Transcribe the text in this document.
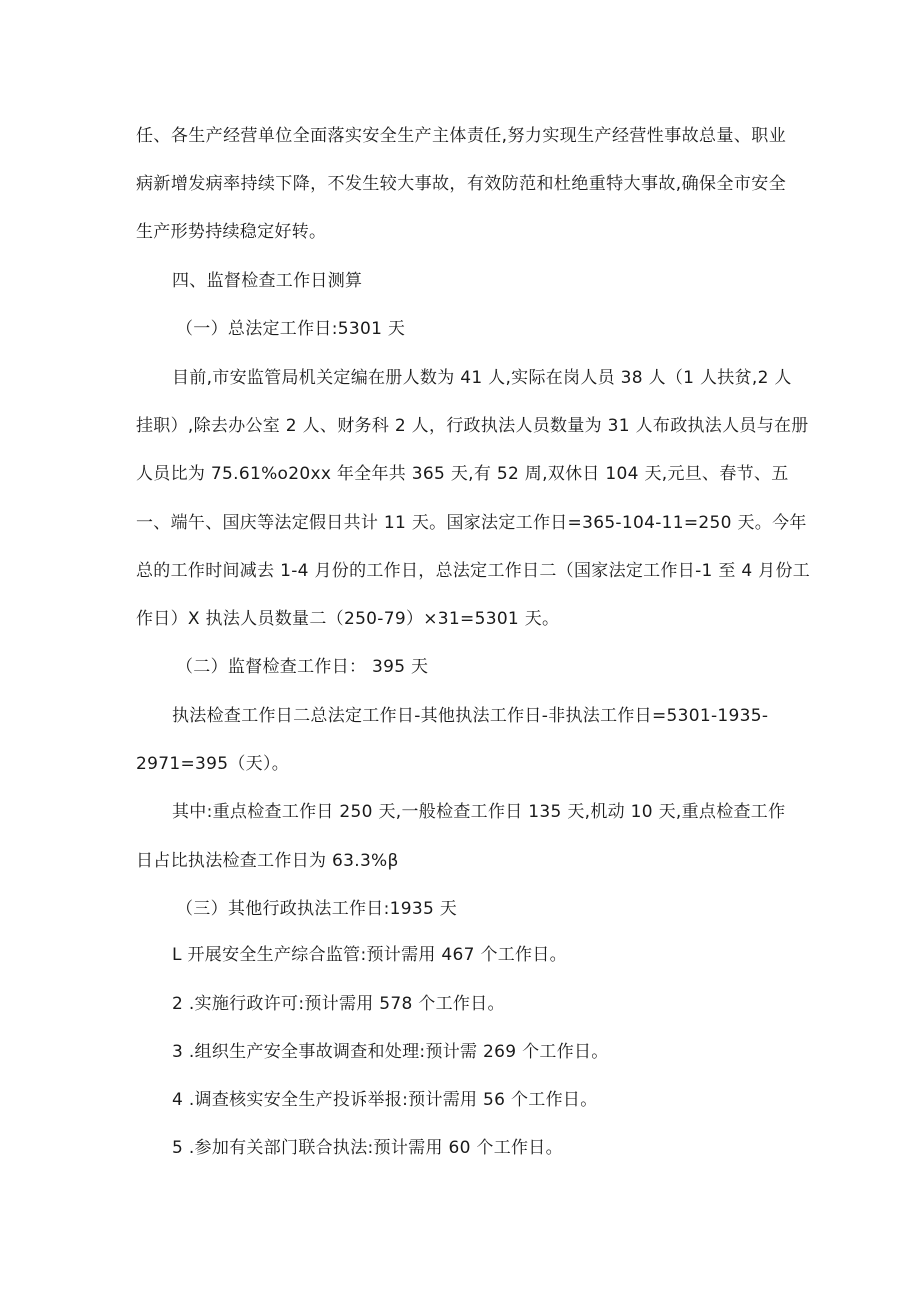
任、各生产经营单位全面落实安全生产主体责任,努力实现生产经营性事故总量、职业
病新增发病率持续下降，不发生较大事故，有效防范和杜绝重特大事故,确保全市安全
生产形势持续稳定好转。
四、监督检查工作日测算
（一）总法定工作日:5301 天
目前,市安监管局机关定编在册人数为 41 人,实际在岗人员 38 人（1 人扶贫,2 人
挂职）,除去办公室 2 人、财务科 2 人，行政执法人员数量为 31 人布政执法人员与在册
人员比为 75.61%o20xx 年全年共 365 天,有 52 周,双休日 104 天,元旦、春节、五
一、端午、国庆等法定假日共计 11 天。国家法定工作日=365-104-11=250 天。今年
总的工作时间减去 1-4 月份的工作日，总法定工作日二（国家法定工作日-1 至 4 月份工
作日）X 执法人员数量二（250-79）×31=5301 天。
（二）监督检查工作日： 395 天
执法检查工作日二总法定工作日-其他执法工作日-非执法工作日=5301-1935-
2971=395（天）。
其中:重点检查工作日 250 天,一般检查工作日 135 天,机动 10 天,重点检查工作
日占比执法检查工作日为 63.3%β
（三）其他行政执法工作日:1935 天
L 开展安全生产综合监管:预计需用 467 个工作日。
2 .实施行政许可:预计需用 578 个工作日。
3 .组织生产安全事故调查和处理:预计需 269 个工作日。
4 .调查核实安全生产投诉举报:预计需用 56 个工作日。
5 .参加有关部门联合执法:预计需用 60 个工作日。
